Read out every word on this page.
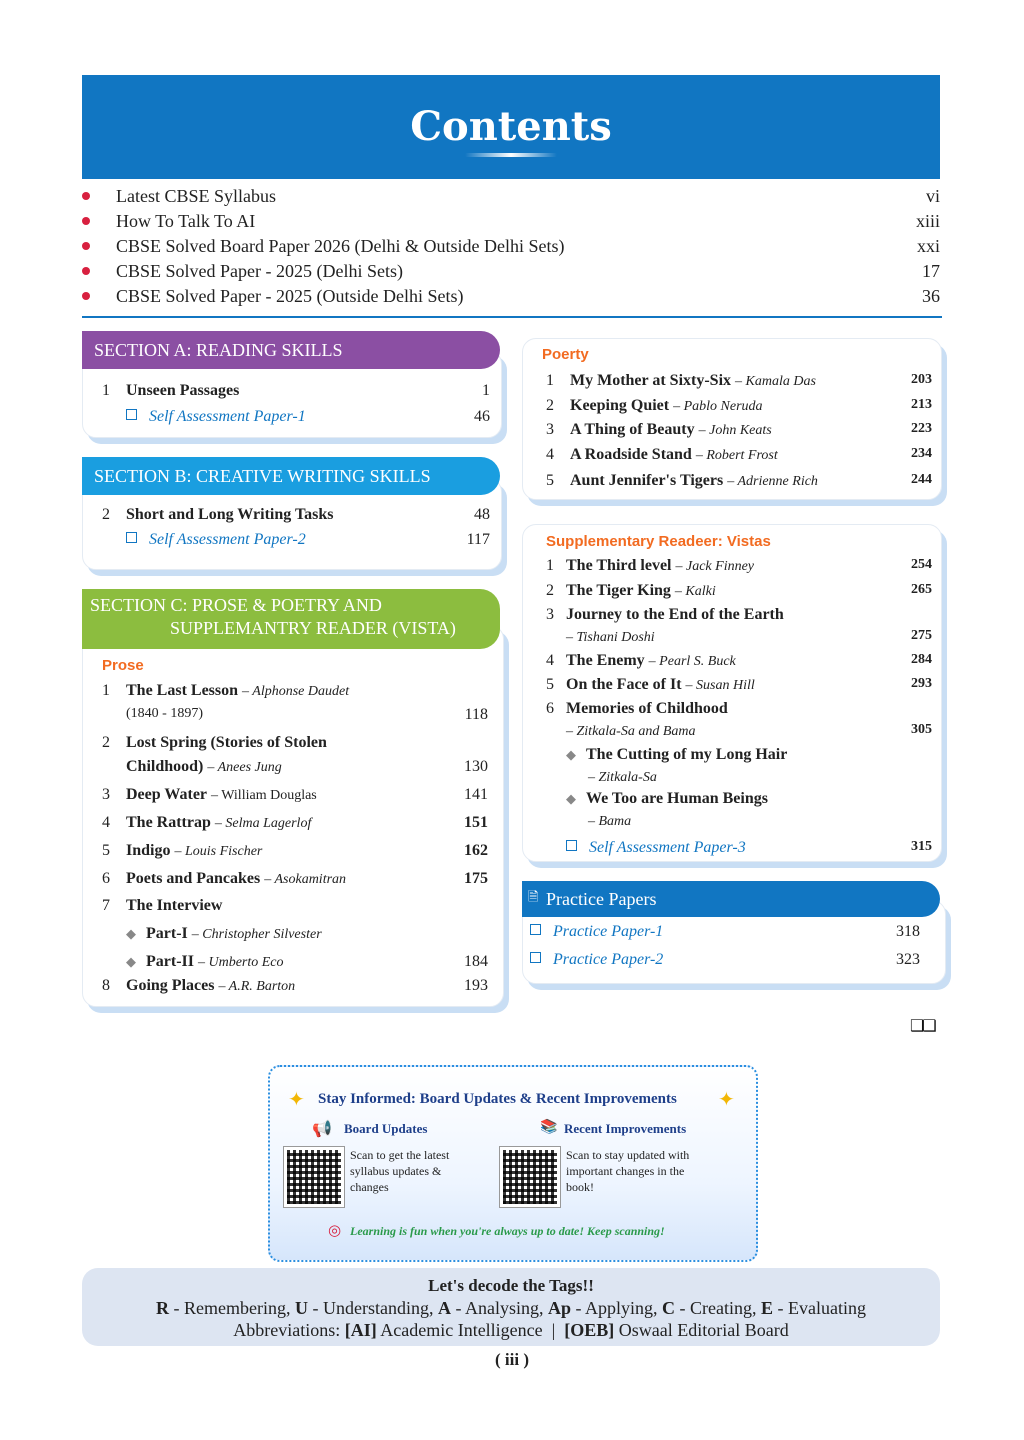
Contents
Latest CBSE Syllabus	vi
How To Talk To AI	xiii
CBSE Solved Board Paper 2026 (Delhi & Outside Delhi Sets)	xxi
CBSE Solved Paper - 2025 (Delhi Sets)	17
CBSE Solved Paper - 2025 (Outside Delhi Sets)	36
SECTION A: READING SKILLS
1 Unseen Passages	1
Self Assessment Paper-1	46
SECTION B: CREATIVE WRITING SKILLS
2 Short and Long Writing Tasks	48
Self Assessment Paper-2	117
SECTION C: PROSE & POETRY AND
SUPPLEMANTRY READER (VISTA)
Prose
1 The Last Lesson – Alphonse Daudet
(1840 - 1897)	118
2 Lost Spring (Stories of Stolen
Childhood) – Anees Jung	130
3 Deep Water – William Douglas	141
4 The Rattrap – Selma Lagerlof	151
5 Indigo – Louis Fischer	162
6 Poets and Pancakes – Asokamitran	175
7 The Interview
◆ Part-I – Christopher Silvester
◆ Part-II – Umberto Eco	184
8 Going Places – A.R. Barton	193
Poerty
1 My Mother at Sixty-Six – Kamala Das	203
2 Keeping Quiet – Pablo Neruda	213
3 A Thing of Beauty – John Keats	223
4 A Roadside Stand – Robert Frost	234
5 Aunt Jennifer's Tigers – Adrienne Rich	244
Supplementary Readeer: Vistas
1 The Third level – Jack Finney	254
2 The Tiger King – Kalki	265
3 Journey to the End of the Earth
– Tishani Doshi	275
4 The Enemy – Pearl S. Buck	284
5 On the Face of It – Susan Hill	293
6 Memories of Childhood
– Zitkala-Sa and Bama	305
◆ The Cutting of my Long Hair
– Zitkala-Sa
◆ We Too are Human Beings
– Bama
Self Assessment Paper-3	315
🗎 Practice Papers
Practice Paper-1	318
Practice Paper-2	323
❑❑
✦ Stay Informed: Board Updates & Recent Improvements ✦
📢 Board Updates
Scan to get the latest
syllabus updates &
changes
📚 Recent Improvements
Scan to stay updated with
important changes in the
book!
◎ Learning is fun when you're always up to date! Keep scanning!
Let's decode the Tags!!
R - Remembering, U - Understanding, A - Analysing, Ap - Applying, C - Creating, E - Evaluating
Abbreviations: [AI] Academic Intelligence  |  [OEB] Oswaal Editorial Board
( iii )
